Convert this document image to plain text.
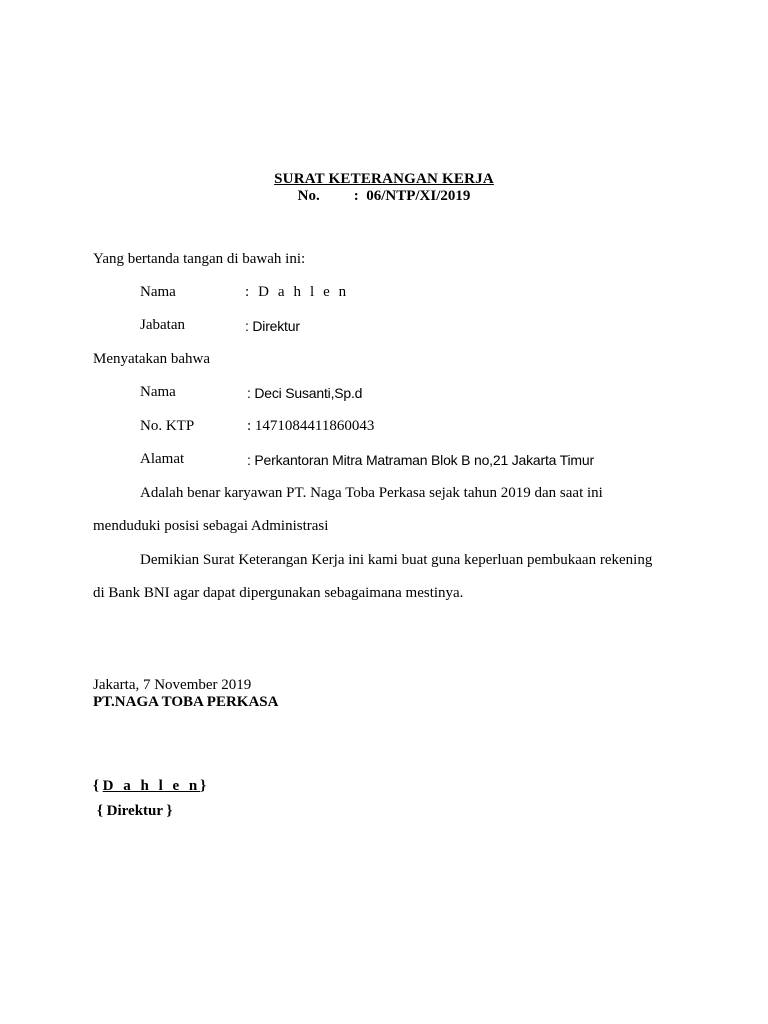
SURAT KETERANGAN KERJA
No. : 06/NTP/XI/2019
Yang bertanda tangan di bawah ini:
Nama	: D a h l e n
Jabatan	: Direktur
Menyatakan bahwa
Nama	: Deci Susanti,Sp.d
No. KTP	: 1471084411860043
Alamat	: Perkantoran Mitra Matraman Blok B no,21 Jakarta Timur
Adalah benar karyawan PT. Naga Toba Perkasa sejak tahun 2019 dan saat ini
menduduki posisi sebagai Administrasi
Demikian Surat Keterangan Kerja ini kami buat guna keperluan pembukaan rekening
di Bank BNI agar dapat dipergunakan sebagaimana mestinya.
Jakarta, 7 November 2019
PT.NAGA TOBA PERKASA
{ D a h l e n}
{ Direktur }
